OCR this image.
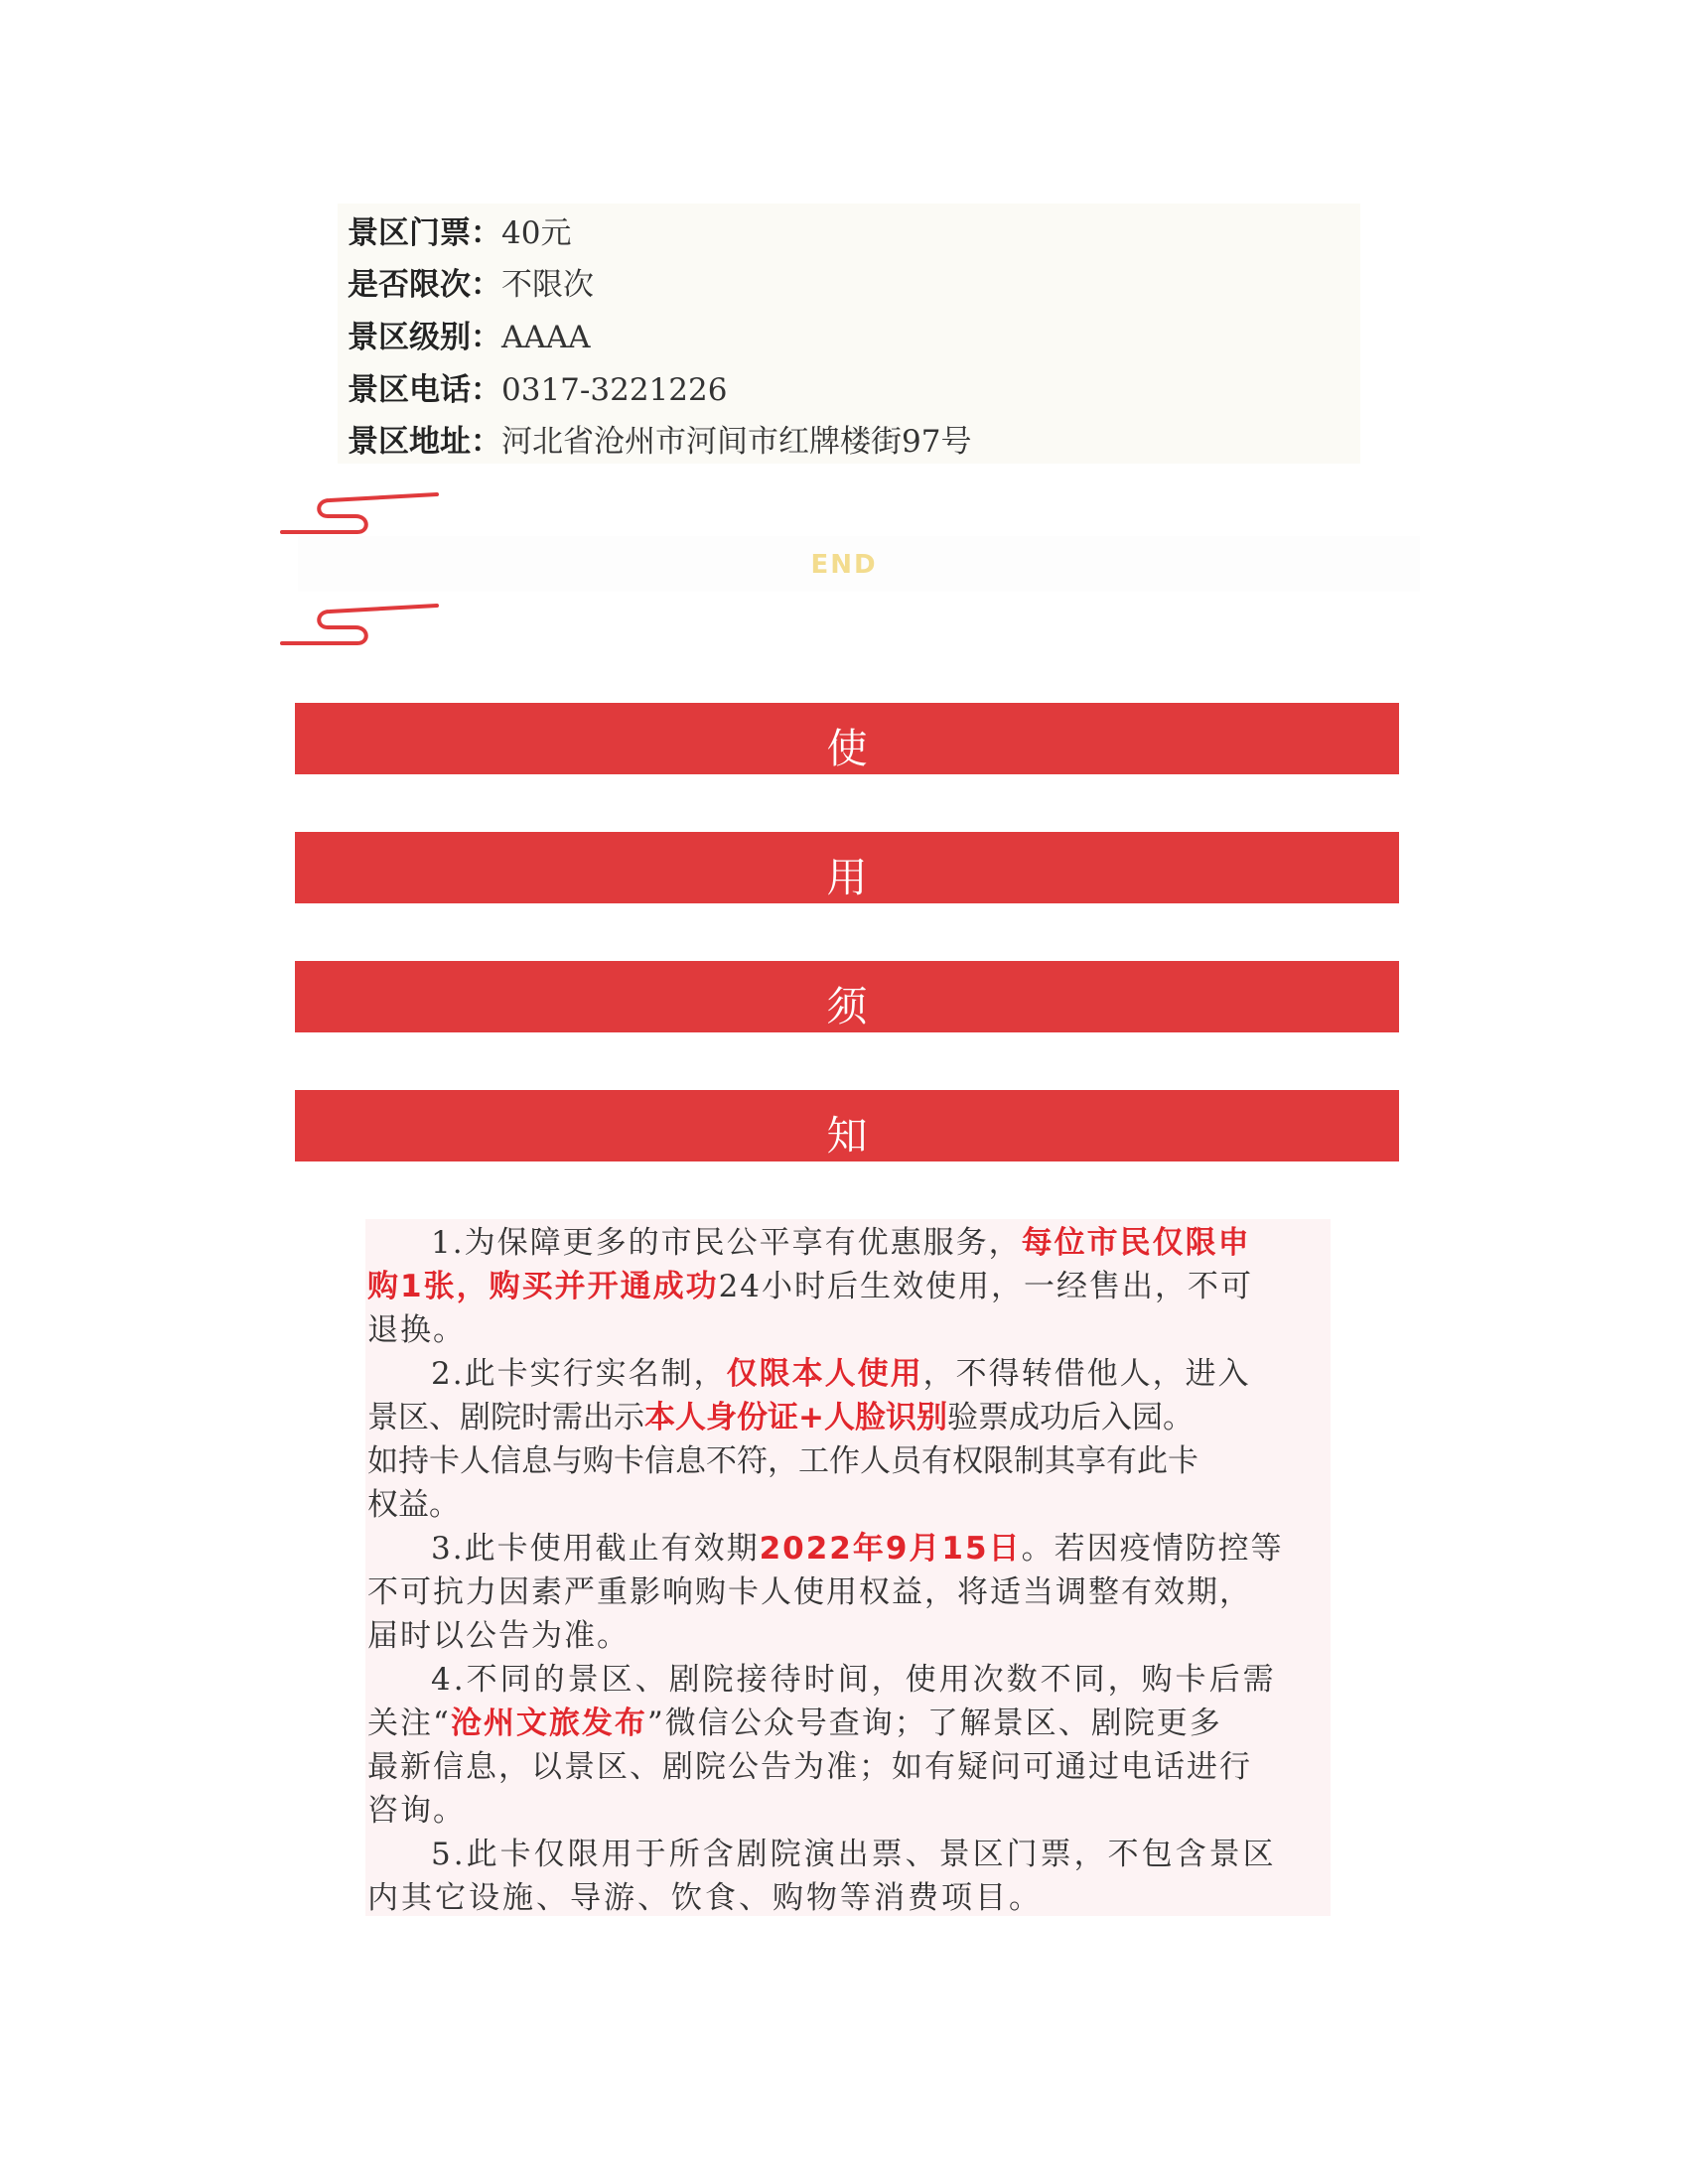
景区门票：40元
是否限次：不限次
景区级别：AAAA
景区电话：0317-3221226
景区地址：河北省沧州市河间市红牌楼街97号
END
使
用
须
知
1.为保障更多的市民公平享有优惠服务，每位市民仅限申
购1张，购买并开通成功24小时后生效使用，一经售出，不可
退换。
2.此卡实行实名制，仅限本人使用，不得转借他人，进入
景区、剧院时需出示本人身份证+人脸识别验票成功后入园。
如持卡人信息与购卡信息不符，工作人员有权限制其享有此卡
权益。
3.此卡使用截止有效期2022年9月15日。若因疫情防控等
不可抗力因素严重影响购卡人使用权益，将适当调整有效期，
届时以公告为准。
4.不同的景区、剧院接待时间，使用次数不同，购卡后需
关注“沧州文旅发布”微信公众号查询；了解景区、剧院更多
最新信息，以景区、剧院公告为准；如有疑问可通过电话进行
咨询。
5.此卡仅限用于所含剧院演出票、景区门票，不包含景区
内其它设施、导游、饮食、购物等消费项目。
